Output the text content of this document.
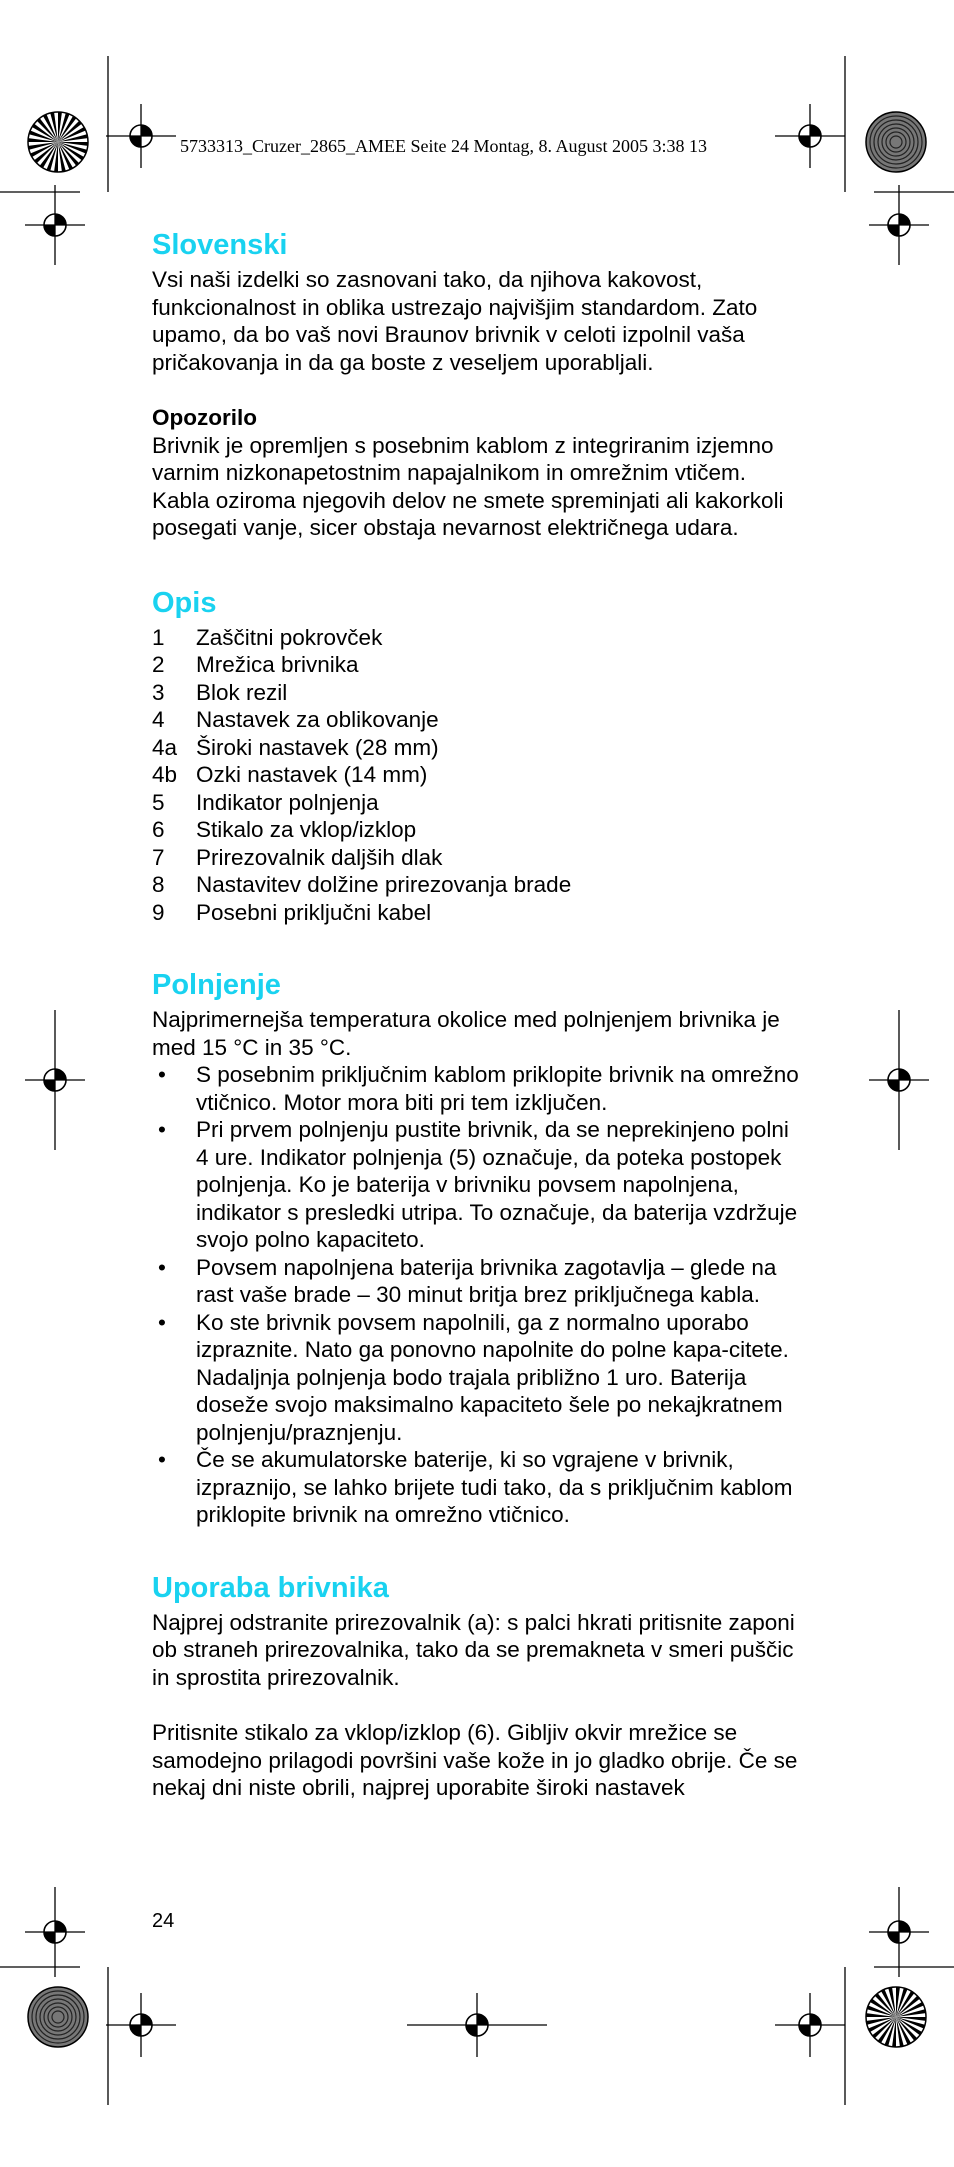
5733313_Cruzer_2865_AMEE Seite 24 Montag, 8. August 2005 3:38 13
Slovenski

Vsi naši izdelki so zasnovani tako, da njihova kakovost, funkcionalnost in oblika ustrezajo najvišjim standardom. Zato upamo, da bo vaš novi Braunov brivnik v celoti izpolnil vaša pričakovanja in da ga boste z veseljem uporabljali.

Opozorilo

Brivnik je opremljen s posebnim kablom z integriranim izjemno varnim nizkonapetostnim napajalnikom in omrežnim vtičem. Kabla oziroma njegovih delov ne smete spreminjati ali kakorkoli posegati vanje, sicer obstaja nevarnost električnega udara.

Opis
1	Zaščitni pokrovček
2	Mrežica brivnika
3	Blok rezil
4	Nastavek za oblikovanje
4a Široki nastavek (28 mm)
4b Ozki nastavek (14 mm)
5	Indikator polnjenja
6	Stikalo za vklop/izklop
7	Prirezovalnik daljših dlak
8	Nastavitev dolžine prirezovanja brade
9	Posebni priključni kabel
Polnjenje

Najprimernejša temperatura okolice med polnjenjem brivnika je med 15 °C in 35 °C.

•	S posebnim priključnim kablom priklopite brivnik na omrežno vtičnico. Motor mora biti pri tem izključen.
•	Pri prvem polnjenju pustite brivnik, da se neprekinjeno polni 4 ure. Indikator polnjenja (5) označuje, da poteka postopek polnjenja. Ko je baterija v brivniku povsem napolnjena, indikator s presledki utripa. To označuje, da baterija vzdržuje svojo polno kapaciteto.
•	Povsem napolnjena baterija brivnika zagotavlja – glede na rast vaše brade – 30 minut britja brez priključnega kabla.
•	Ko ste brivnik povsem napolnili, ga z normalno uporabo izpraznite. Nato ga ponovno napolnite do polne kapa-citete. Nadaljnja polnjenja bodo trajala približno 1 uro. Baterija doseže svojo maksimalno kapaciteto šele po nekajkratnem polnjenju/praznjenju.
•	Če se akumulatorske baterije, ki so vgrajene v brivnik, izpraznijo, se lahko brijete tudi tako, da s priključnim kablom priklopite brivnik na omrežno vtičnico.
Uporaba brivnika

Najprej odstranite prirezovalnik (a): s palci hkrati pritisnite zaponi ob straneh prirezovalnika, tako da se premakneta v smeri puščic in sprostita prirezovalnik.

Pritisnite stikalo za vklop/izklop (6). Gibljiv okvir mrežice se samodejno prilagodi površini vaše kože in jo gladko obrije. Če se nekaj dni niste obrili, najprej uporabite široki nastavek

24
